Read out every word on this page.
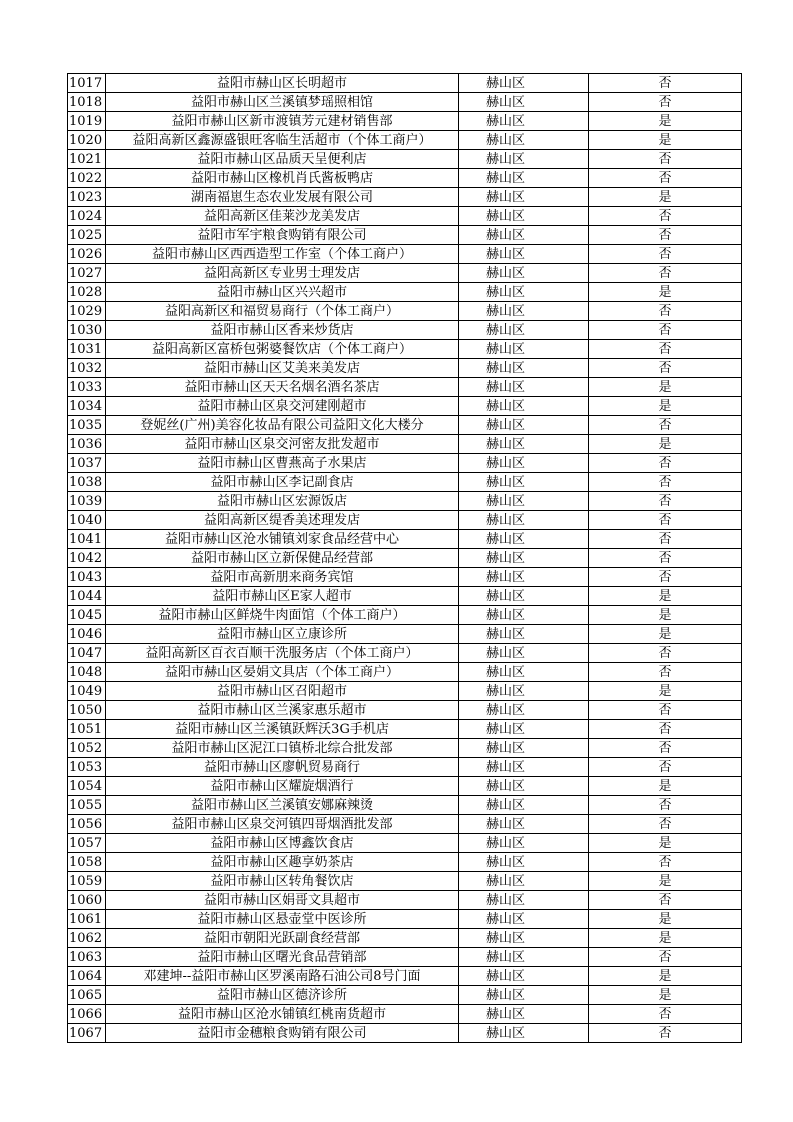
1017	益阳市赫山区长明超市	赫山区	否
1018	益阳市赫山区兰溪镇梦瑶照相馆	赫山区	否
1019	益阳市赫山区新市渡镇芳元建材销售部	赫山区	是
1020	益阳高新区鑫源盛银旺客临生活超市（个体工商户）	赫山区	是
1021	益阳市赫山区品质天呈便利店	赫山区	否
1022	益阳市赫山区橡机肖氏酱板鸭店	赫山区	否
1023	湖南福崽生态农业发展有限公司	赫山区	是
1024	益阳高新区佳莱沙龙美发店	赫山区	否
1025	益阳市军宇粮食购销有限公司	赫山区	否
1026	益阳市赫山区西西造型工作室（个体工商户）	赫山区	否
1027	益阳高新区专业男士理发店	赫山区	否
1028	益阳市赫山区兴兴超市	赫山区	是
1029	益阳高新区和福贸易商行（个体工商户）	赫山区	否
1030	益阳市赫山区香来炒货店	赫山区	否
1031	益阳高新区富桥包粥婆餐饮店（个体工商户）	赫山区	否
1032	益阳市赫山区艾美来美发店	赫山区	否
1033	益阳市赫山区天天名烟名酒名茶店	赫山区	是
1034	益阳市赫山区泉交河建刚超市	赫山区	是
1035	登妮丝(广州)美容化妆品有限公司益阳文化大楼分	赫山区	否
1036	益阳市赫山区泉交河密友批发超市	赫山区	是
1037	益阳市赫山区曹燕高子水果店	赫山区	否
1038	益阳市赫山区李记副食店	赫山区	否
1039	益阳市赫山区宏源饭店	赫山区	否
1040	益阳高新区缇香美述理发店	赫山区	否
1041	益阳市赫山区沧水铺镇刘家食品经营中心	赫山区	否
1042	益阳市赫山区立新保健品经营部	赫山区	否
1043	益阳市高新朋来商务宾馆	赫山区	否
1044	益阳市赫山区E家人超市	赫山区	是
1045	益阳市赫山区鲜烧牛肉面馆（个体工商户）	赫山区	是
1046	益阳市赫山区立康诊所	赫山区	是
1047	益阳高新区百衣百顺干洗服务店（个体工商户）	赫山区	否
1048	益阳市赫山区晏娟文具店（个体工商户）	赫山区	否
1049	益阳市赫山区召阳超市	赫山区	是
1050	益阳市赫山区兰溪家惠乐超市	赫山区	否
1051	益阳市赫山区兰溪镇跃辉沃3G手机店	赫山区	否
1052	益阳市赫山区泥江口镇桥北综合批发部	赫山区	否
1053	益阳市赫山区廖帆贸易商行	赫山区	否
1054	益阳市赫山区耀旋烟酒行	赫山区	是
1055	益阳市赫山区兰溪镇安娜麻辣烫	赫山区	否
1056	益阳市赫山区泉交河镇四哥烟酒批发部	赫山区	否
1057	益阳市赫山区博鑫饮食店	赫山区	是
1058	益阳市赫山区趣享奶茶店	赫山区	否
1059	益阳市赫山区转角餐饮店	赫山区	是
1060	益阳市赫山区娟哥文具超市	赫山区	否
1061	益阳市赫山区悬壶堂中医诊所	赫山区	是
1062	益阳市朝阳光跃副食经营部	赫山区	是
1063	益阳市赫山区曙光食品营销部	赫山区	否
1064	邓建坤--益阳市赫山区罗溪南路石油公司8号门面	赫山区	是
1065	益阳市赫山区德济诊所	赫山区	是
1066	益阳市赫山区沧水铺镇红桃南货超市	赫山区	否
1067	益阳市金穗粮食购销有限公司	赫山区	否
